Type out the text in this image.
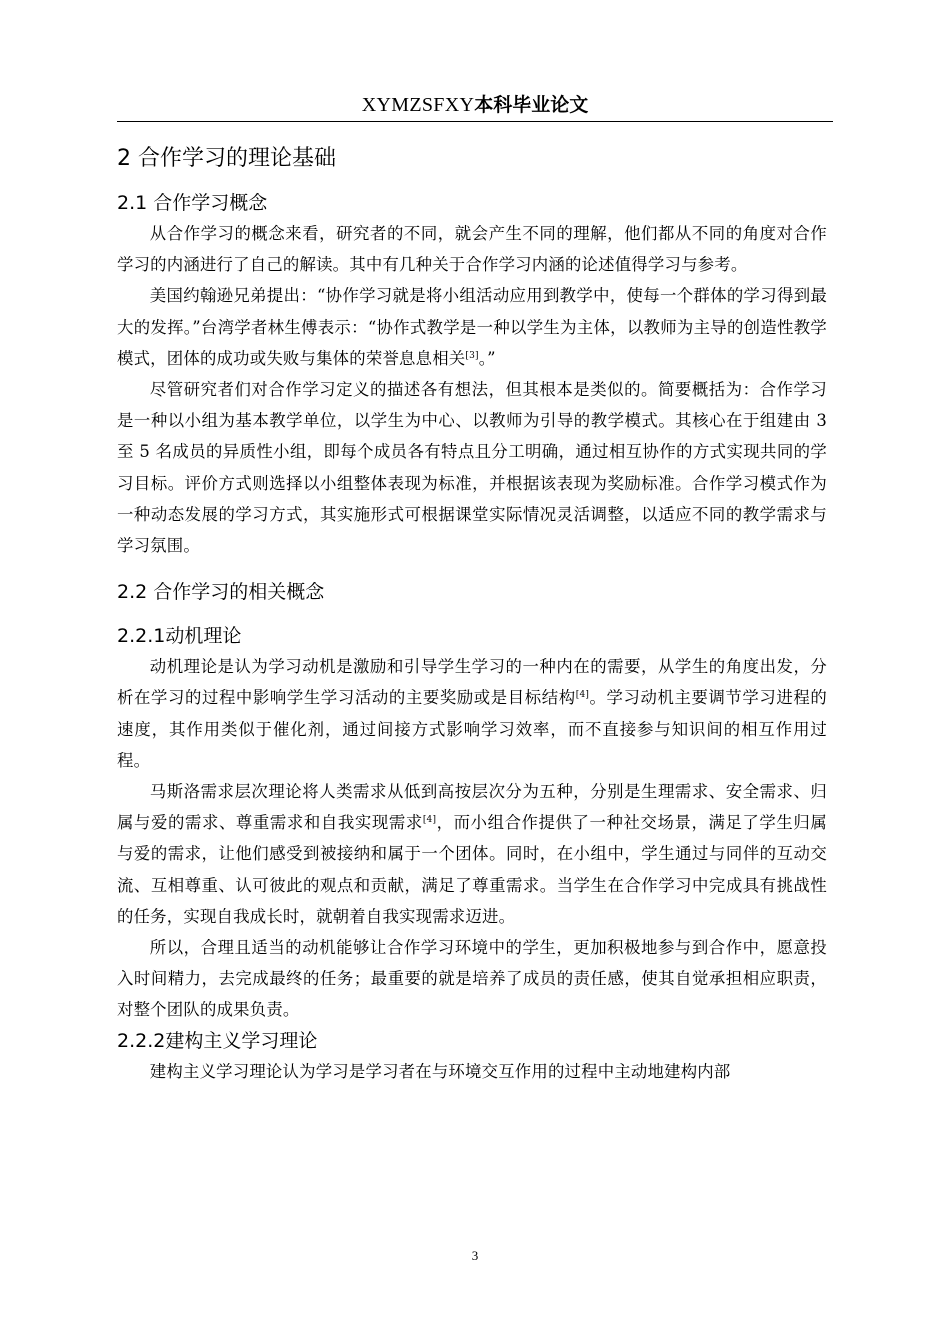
XYMZSFXY本科毕业论文
2 合作学习的理论基础
2.1 合作学习概念

从合作学习的概念来看，研究者的不同，就会产生不同的理解，他们都从不同的角度对合作学习的内涵进行了自己的解读。其中有几种关于合作学习内涵的论述值得学习与参考。

美国约翰逊兄弟提出：“协作学习就是将小组活动应用到教学中，使每一个群体的学习得到最大的发挥。”台湾学者林生傅表示：“协作式教学是一种以学生为主体，以教师为主导的创造性教学模式，团体的成功或失败与集体的荣誉息息相关[3]。”

尽管研究者们对合作学习定义的描述各有想法，但其根本是类似的。简要概括为：合作学习是一种以小组为基本教学单位，以学生为中心、以教师为引导的教学模式。其核心在于组建由 3 至 5 名成员的异质性小组，即每个成员各有特点且分工明确，通过相互协作的方式实现共同的学习目标。评价方式则选择以小组整体表现为标准，并根据该表现为奖励标准。合作学习模式作为一种动态发展的学习方式，其实施形式可根据课堂实际情况灵活调整，以适应不同的教学需求与学习氛围。

2.2 合作学习的相关概念
2.2.1动机理论

动机理论是认为学习动机是激励和引导学生学习的一种内在的需要，从学生的角度出发，分析在学习的过程中影响学生学习活动的主要奖励或是目标结构[4]。学习动机主要调节学习进程的速度，其作用类似于催化剂，通过间接方式影响学习效率，而不直接参与知识间的相互作用过程。

马斯洛需求层次理论将人类需求从低到高按层次分为五种，分别是生理需求、安全需求、归属与爱的需求、尊重需求和自我实现需求[4]，而小组合作提供了一种社交场景，满足了学生归属与爱的需求，让他们感受到被接纳和属于一个团体。同时，在小组中，学生通过与同伴的互动交流、互相尊重、认可彼此的观点和贡献，满足了尊重需求。当学生在合作学习中完成具有挑战性的任务，实现自我成长时，就朝着自我实现需求迈进。

所以，合理且适当的动机能够让合作学习环境中的学生，更加积极地参与到合作中，愿意投入时间精力，去完成最终的任务；最重要的就是培养了成员的责任感，使其自觉承担相应职责，对整个团队的成果负责。

2.2.2建构主义学习理论

建构主义学习理论认为学习是学习者在与环境交互作用的过程中主动地建构内部

3
